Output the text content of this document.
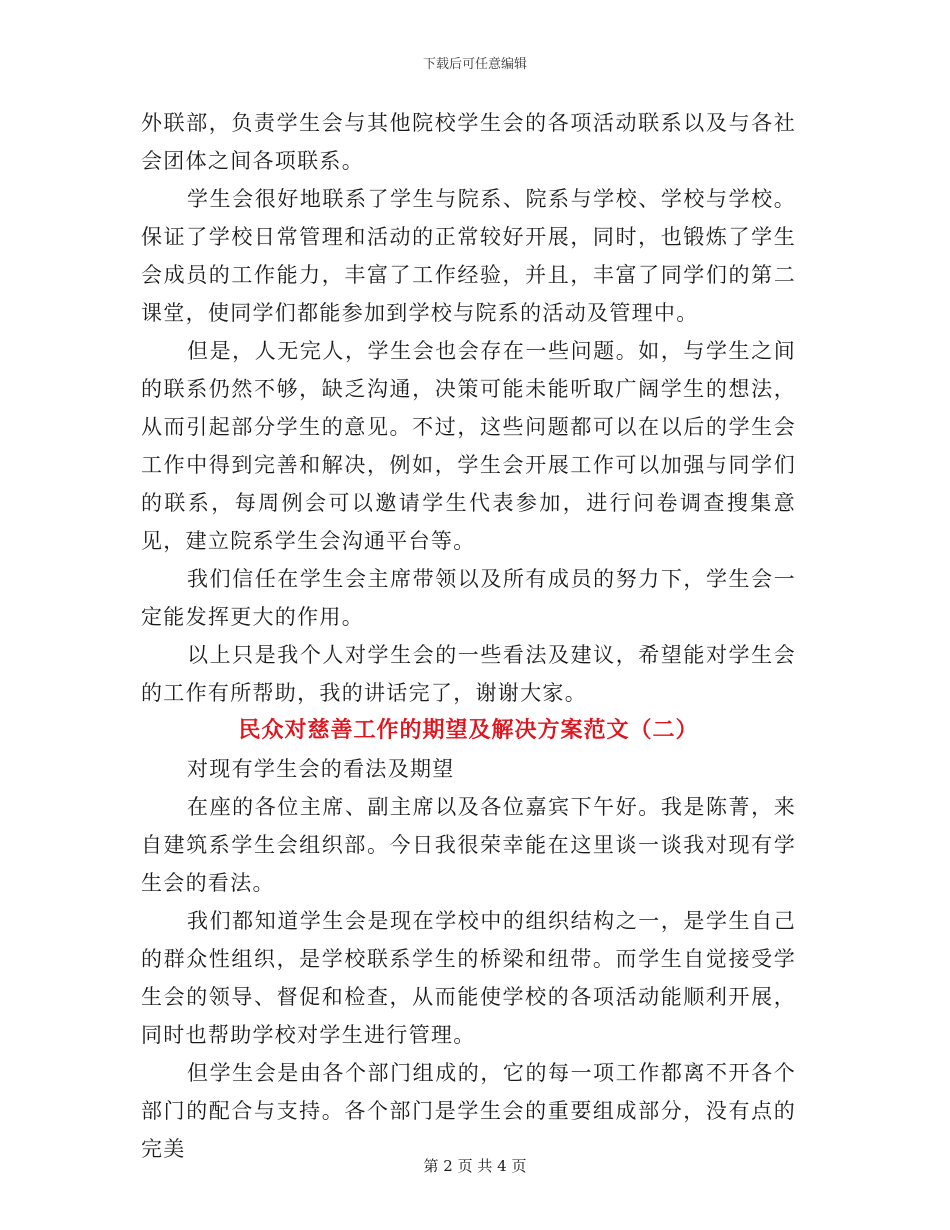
下载后可任意编辑

外联部，负责学生会与其他院校学生会的各项活动联系以及与各社会团体之间各项联系。

学生会很好地联系了学生与院系、院系与学校、学校与学校。保证了学校日常管理和活动的正常较好开展，同时，也锻炼了学生会成员的工作能力，丰富了工作经验，并且，丰富了同学们的第二课堂，使同学们都能参加到学校与院系的活动及管理中。

但是，人无完人，学生会也会存在一些问题。如，与学生之间的联系仍然不够，缺乏沟通，决策可能未能听取广阔学生的想法，从而引起部分学生的意见。不过，这些问题都可以在以后的学生会工作中得到完善和解决，例如，学生会开展工作可以加强与同学们的联系，每周例会可以邀请学生代表参加，进行问卷调查搜集意见，建立院系学生会沟通平台等。

我们信任在学生会主席带领以及所有成员的努力下，学生会一定能发挥更大的作用。

以上只是我个人对学生会的一些看法及建议，希望能对学生会的工作有所帮助，我的讲话完了，谢谢大家。

民众对慈善工作的期望及解决方案范文（二）

对现有学生会的看法及期望

在座的各位主席、副主席以及各位嘉宾下午好。我是陈菁，来自建筑系学生会组织部。今日我很荣幸能在这里谈一谈我对现有学生会的看法。

我们都知道学生会是现在学校中的组织结构之一，是学生自己的群众性组织，是学校联系学生的桥梁和纽带。而学生自觉接受学生会的领导、督促和检查，从而能使学校的各项活动能顺利开展，同时也帮助学校对学生进行管理。

但学生会是由各个部门组成的，它的每一项工作都离不开各个部门的配合与支持。各个部门是学生会的重要组成部分，没有点的完美

第 2 页 共 4 页
